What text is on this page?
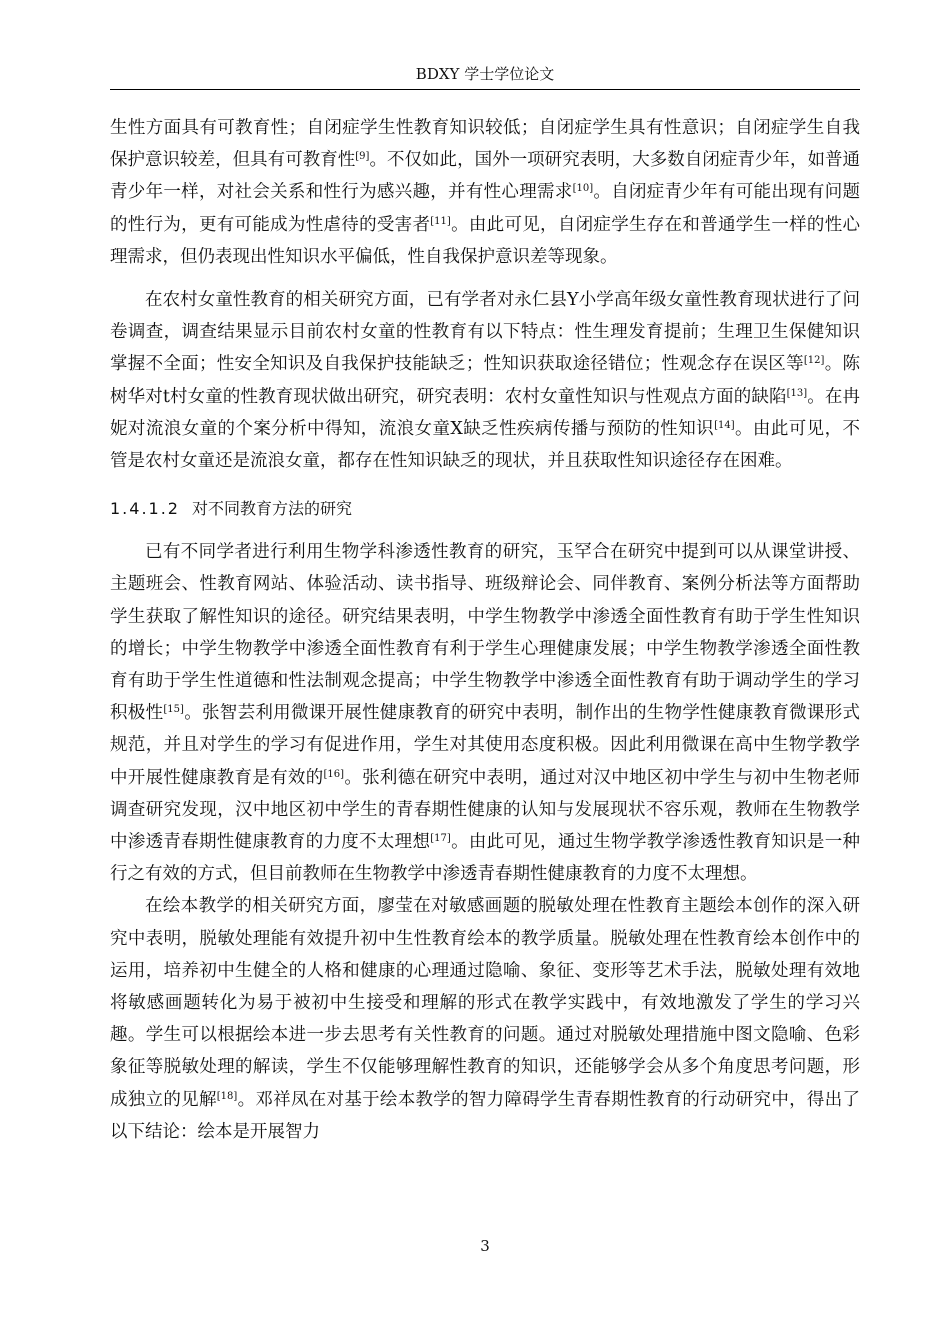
BDXY 学士学位论文

生性方面具有可教育性；自闭症学生性教育知识较低；自闭症学生具有性意识；自闭症学生自我保护意识较差，但具有可教育性[9]。不仅如此，国外一项研究表明，大多数自闭症青少年，如普通青少年一样，对社会关系和性行为感兴趣，并有性心理需求[10]。自闭症青少年有可能出现有问题的性行为，更有可能成为性虐待的受害者[11]。由此可见，自闭症学生存在和普通学生一样的性心理需求，但仍表现出性知识水平偏低，性自我保护意识差等现象。

在农村女童性教育的相关研究方面，已有学者对永仁县Y小学高年级女童性教育现状进行了问卷调查，调查结果显示目前农村女童的性教育有以下特点：性生理发育提前；生理卫生保健知识掌握不全面；性安全知识及自我保护技能缺乏；性知识获取途径错位；性观念存在误区等[12]。陈树华对t村女童的性教育现状做出研究，研究表明：农村女童性知识与性观点方面的缺陷[13]。在冉妮对流浪女童的个案分析中得知，流浪女童X缺乏性疾病传播与预防的性知识[14]。由此可见，不管是农村女童还是流浪女童，都存在性知识缺乏的现状，并且获取性知识途径存在困难。

1.4.1.2 对不同教育方法的研究

已有不同学者进行利用生物学科渗透性教育的研究，玉罕合在研究中提到可以从课堂讲授、主题班会、性教育网站、体验活动、读书指导、班级辩论会、同伴教育、案例分析法等方面帮助学生获取了解性知识的途径。研究结果表明，中学生物教学中渗透全面性教育有助于学生性知识的增长；中学生物教学中渗透全面性教育有利于学生心理健康发展；中学生物教学渗透全面性教育有助于学生性道德和性法制观念提高；中学生物教学中渗透全面性教育有助于调动学生的学习积极性[15]。张智芸利用微课开展性健康教育的研究中表明，制作出的生物学性健康教育微课形式规范，并且对学生的学习有促进作用，学生对其使用态度积极。因此利用微课在高中生物学教学中开展性健康教育是有效的[16]。张利德在研究中表明，通过对汉中地区初中学生与初中生物老师调查研究发现，汉中地区初中学生的青春期性健康的认知与发展现状不容乐观，教师在生物教学中渗透青春期性健康教育的力度不太理想[17]。由此可见，通过生物学教学渗透性教育知识是一种行之有效的方式，但目前教师在生物教学中渗透青春期性健康教育的力度不太理想。

在绘本教学的相关研究方面，廖莹在对敏感画题的脱敏处理在性教育主题绘本创作的深入研究中表明，脱敏处理能有效提升初中生性教育绘本的教学质量。脱敏处理在性教育绘本创作中的运用，培养初中生健全的人格和健康的心理通过隐喻、象征、变形等艺术手法，脱敏处理有效地将敏感画题转化为易于被初中生接受和理解的形式在教学实践中，有效地激发了学生的学习兴趣。学生可以根据绘本进一步去思考有关性教育的问题。通过对脱敏处理措施中图文隐喻、色彩象征等脱敏处理的解读，学生不仅能够理解性教育的知识，还能够学会从多个角度思考问题，形成独立的见解[18]。邓祥凤在对基于绘本教学的智力障碍学生青春期性教育的行动研究中，得出了以下结论：绘本是开展智力

3
